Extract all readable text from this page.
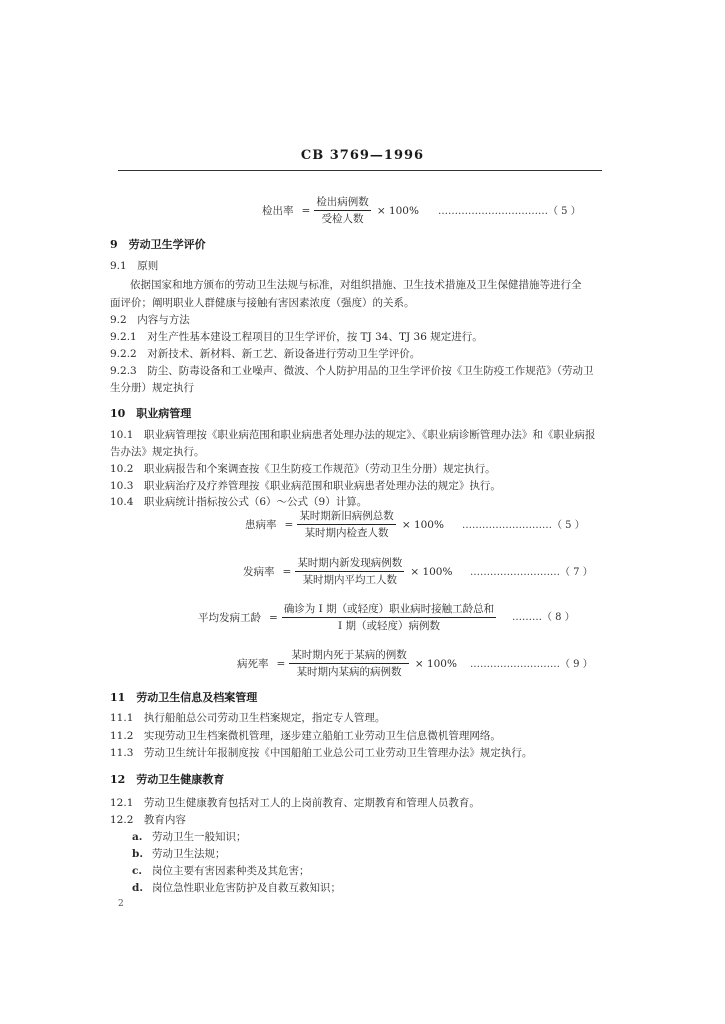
CB 3769—1996
检出率 = $\frac{\text{检出病例数}}{\text{受检人数}} \times 100\%$ ……………………………（ 5 ）
9　劳动卫生学评价
9.1　原则
依据国家和地方颁布的劳动卫生法规与标准，对组织措施、卫生技术措施及卫生保健措施等进行全
面评价；阐明职业人群健康与接触有害因素浓度（强度）的关系。
9.2　内容与方法
9.2.1　对生产性基本建设工程项目的卫生学评价，按 TJ 34、TJ 36 规定进行。
9.2.2　对新技术、新材料、新工艺、新设备进行劳动卫生学评价。
9.2.3　防尘、防毒设备和工业噪声、微波、个人防护用品的卫生学评价按《卫生防疫工作规范》（劳动卫
生分册）规定执行
10　职业病管理
10.1　职业病管理按《职业病范围和职业病患者处理办法的规定》、《职业病诊断管理办法》和《职业病报
告办法》规定执行。
10.2　职业病报告和个案调查按《卫生防疫工作规范》（劳动卫生分册）规定执行。
10.3　职业病治疗及疗养管理按《职业病范围和职业病患者处理办法的规定》执行。
10.4　职业病统计指标按公式（6）～公式（9）计算。
患病率 = $\frac{\text{某时期新旧病例总数}}{\text{某时期内检查人数}} \times 100\%$ ………………………（ 5 ）
发病率 = $\frac{\text{某时期内新发现病例数}}{\text{某时期内平均工人数}} \times 100\%$ ………………………（ 7 ）
平均发病工龄 = $\frac{\text{确诊为 Ⅰ 期（或轻度）职业病时接触工龄总和}}{\text{Ⅰ 期（或轻度）病例数}}$ ………（ 8 ）
病死率 = $\frac{\text{某时期内死于某病的例数}}{\text{某时期内某病的病例数}} \times 100\%$ ………………………（ 9 ）
11　劳动卫生信息及档案管理
11.1　执行船舶总公司劳动卫生档案规定，指定专人管理。
11.2　实现劳动卫生档案微机管理，逐步建立船舶工业劳动卫生信息微机管理网络。
11.3　劳动卫生统计年报制度按《中国船舶工业总公司工业劳动卫生管理办法》规定执行。
12　劳动卫生健康教育
12.1　劳动卫生健康教育包括对工人的上岗前教育、定期教育和管理人员教育。
12.2　教育内容
a. 劳动卫生一般知识；
b. 劳动卫生法规；
c. 岗位主要有害因素种类及其危害；
d. 岗位急性职业危害防护及自救互救知识；
2
